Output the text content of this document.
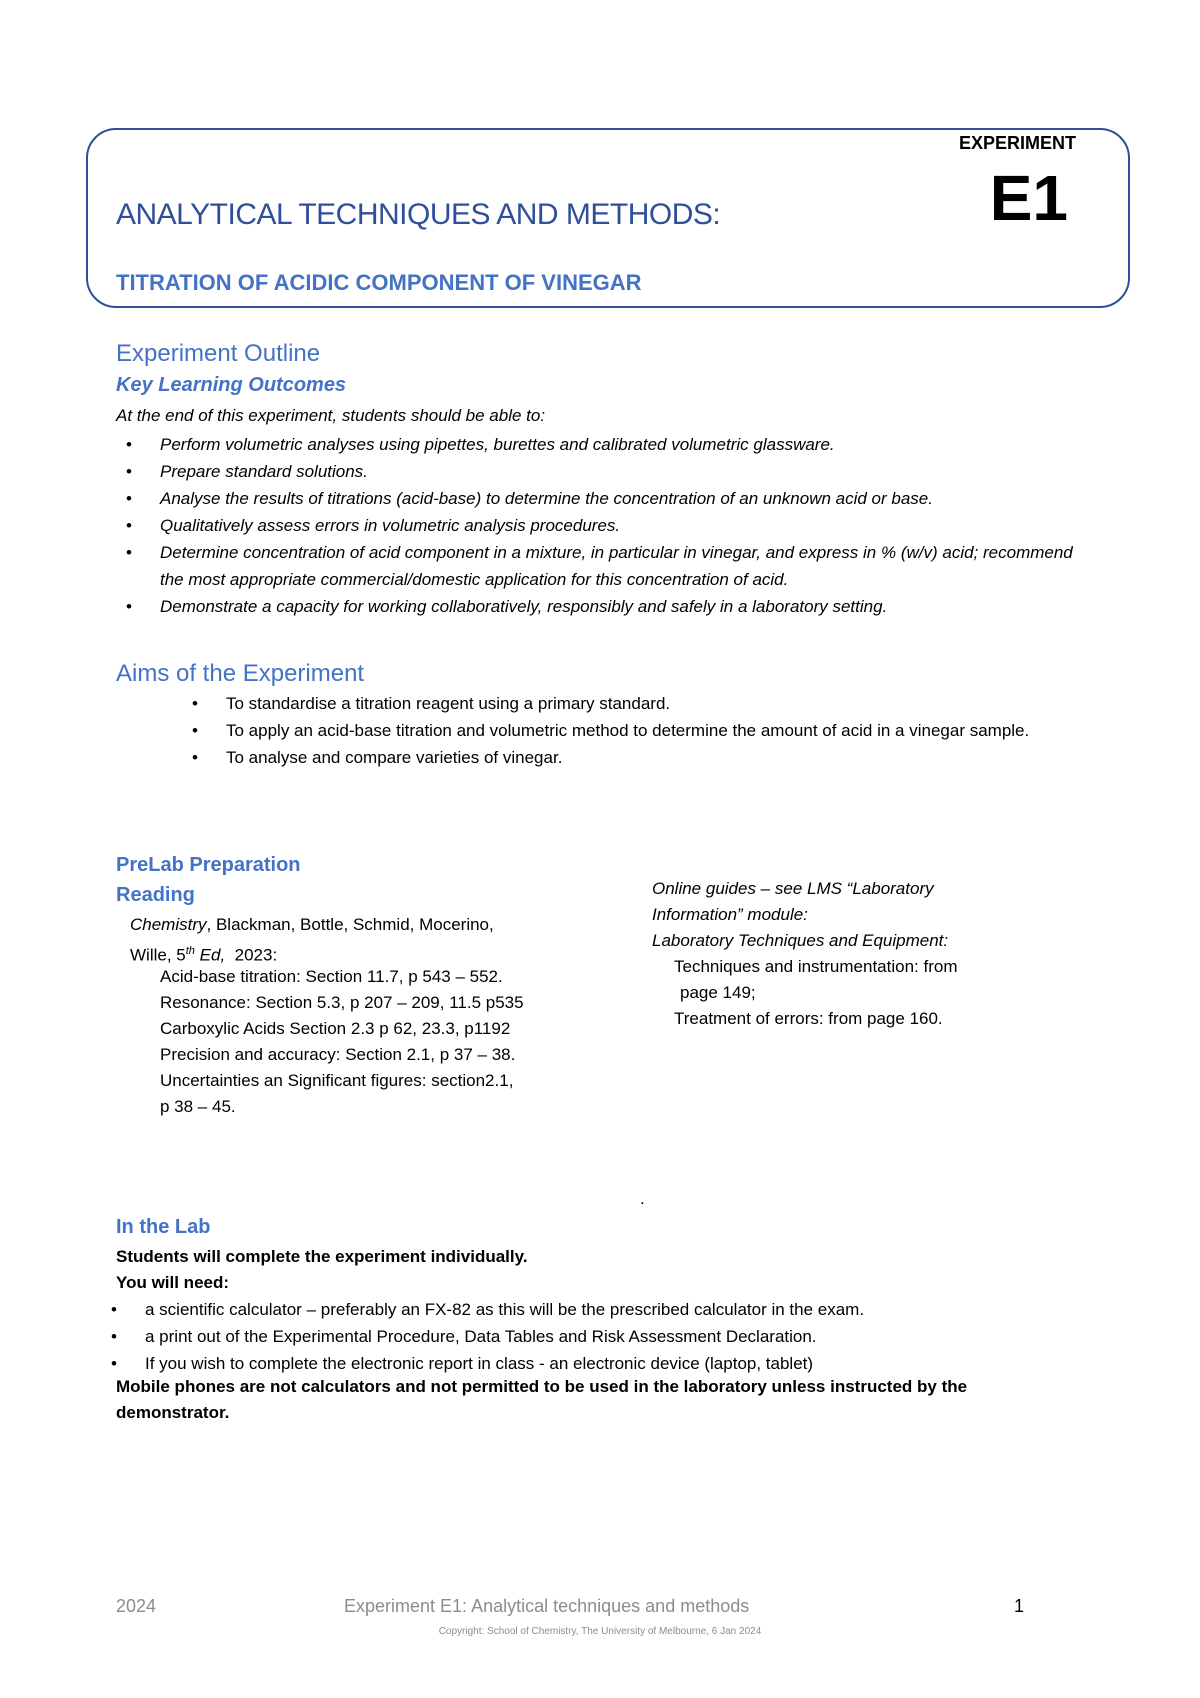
EXPERIMENT
E1
ANALYTICAL TECHNIQUES AND METHODS:
TITRATION OF ACIDIC COMPONENT OF VINEGAR
Experiment Outline
Key Learning Outcomes
At the end of this experiment, students should be able to:
• Perform volumetric analyses using pipettes, burettes and calibrated volumetric glassware.
• Prepare standard solutions.
• Analyse the results of titrations (acid-base) to determine the concentration of an unknown acid or base.
• Qualitatively assess errors in volumetric analysis procedures.
• Determine concentration of acid component in a mixture, in particular in vinegar, and express in % (w/v) acid; recommend the most appropriate commercial/domestic application for this concentration of acid.
• Demonstrate a capacity for working collaboratively, responsibly and safely in a laboratory setting.
Aims of the Experiment
• To standardise a titration reagent using a primary standard.
• To apply an acid-base titration and volumetric method to determine the amount of acid in a vinegar sample.
• To analyse and compare varieties of vinegar.
PreLab Preparation
Reading
Chemistry, Blackman, Bottle, Schmid, Mocerino,
Wille, 5th Ed, 2023:
Acid-base titration: Section 11.7, p 543 – 552.
Resonance: Section 5.3, p 207 – 209, 11.5 p535
Carboxylic Acids Section 2.3 p 62, 23.3, p1192
Precision and accuracy: Section 2.1, p 37 – 38.
Uncertainties an Significant figures: section2.1,
p 38 – 45.
Online guides – see LMS “Laboratory
Information” module:
Laboratory Techniques and Equipment:
Techniques and instrumentation: from
page 149;
Treatment of errors: from page 160.
.
In the Lab
Students will complete the experiment individually.
You will need:
• a scientific calculator – preferably an FX-82 as this will be the prescribed calculator in the exam.
• a print out of the Experimental Procedure, Data Tables and Risk Assessment Declaration.
• If you wish to complete the electronic report in class - an electronic device (laptop, tablet)
Mobile phones are not calculators and not permitted to be used in the laboratory unless instructed by the demonstrator.
2024	Experiment E1: Analytical techniques and methods	1
Copyright: School of Chemistry, The University of Melbourne, 6 Jan 2024
